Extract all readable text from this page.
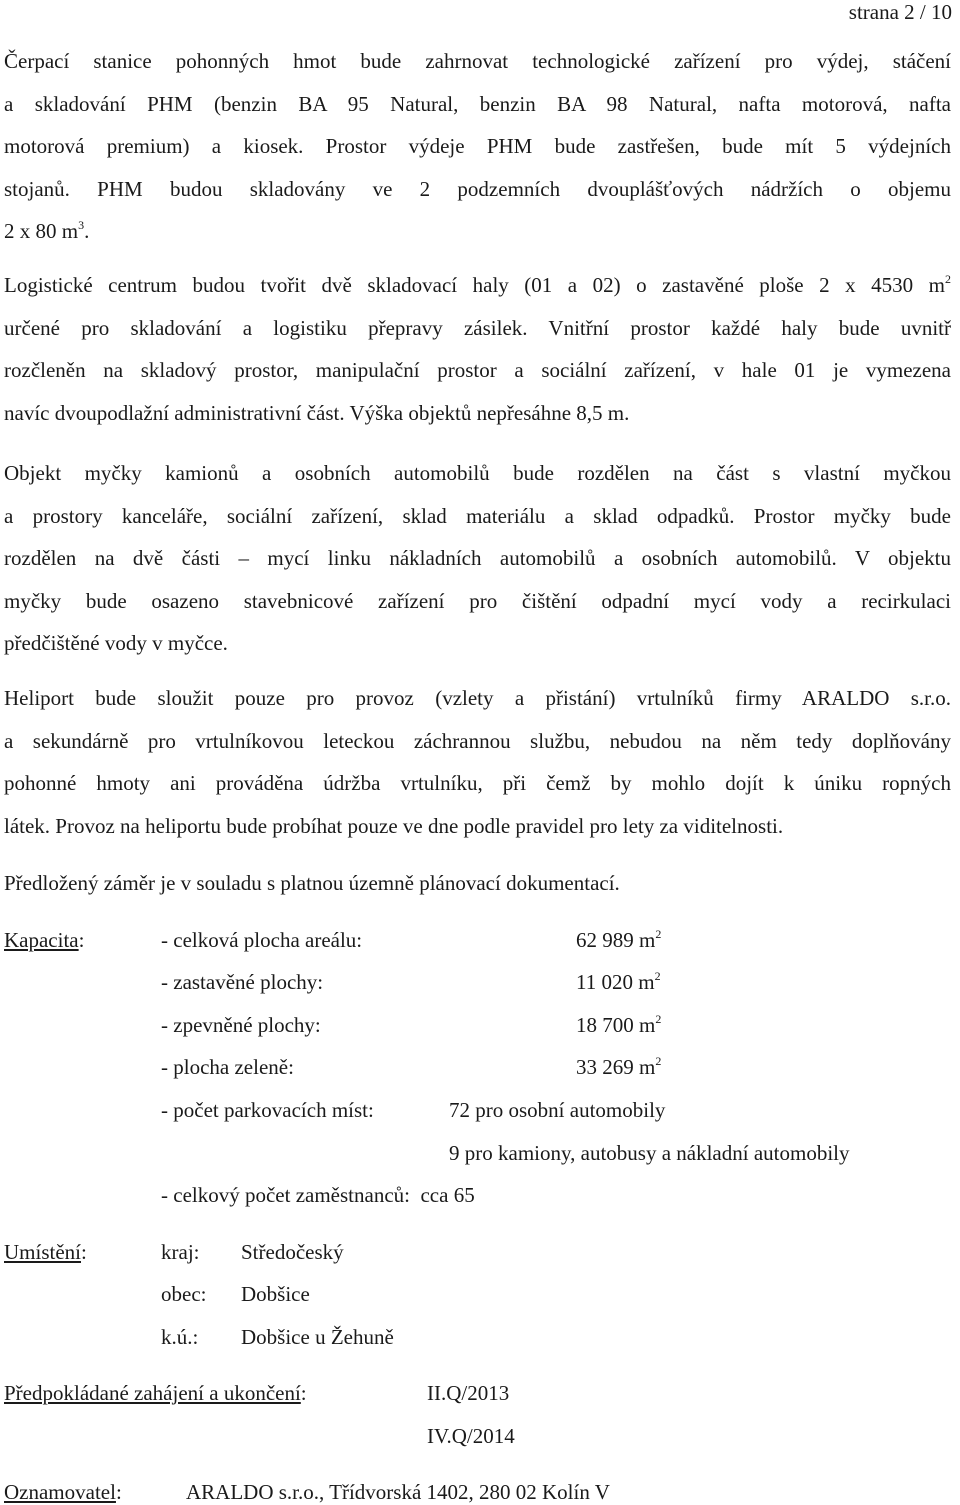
strana 2 / 10
Čerpací stanice pohonných hmot bude zahrnovat technologické zařízení pro výdej, stáčení
a skladování PHM (benzin BA 95 Natural, benzin BA 98 Natural, nafta motorová, nafta
motorová premium) a kiosek. Prostor výdeje PHM bude zastřešen, bude mít 5 výdejních
stojanů. PHM budou skladovány ve 2 podzemních dvouplášťových nádržích o objemu
2 x 80 $m^3$.
Logistické centrum budou tvořit dvě skladovací haly (01 a 02) o zastavěné ploše 2 x 4530 $m^2$
určené pro skladování a logistiku přepravy zásilek. Vnitřní prostor každé haly bude uvnitř
rozčleněn na skladový prostor, manipulační prostor a sociální zařízení, v hale 01 je vymezena
navíc dvoupodlažní administrativní část. Výška objektů nepřesáhne 8,5 m.
Objekt myčky kamionů a osobních automobilů bude rozdělen na část s vlastní myčkou
a prostory kanceláře, sociální zařízení, sklad materiálu a sklad odpadků. Prostor myčky bude
rozdělen na dvě části – mycí linku nákladních automobilů a osobních automobilů. V objektu
myčky bude osazeno stavebnicové zařízení pro čištění odpadní mycí vody a recirkulaci
předčištěné vody v myčce.
Heliport bude sloužit pouze pro provoz (vzlety a přistání) vrtulníků firmy ARALDO s.r.o.
a sekundárně pro vrtulníkovou leteckou záchrannou službu, nebudou na něm tedy doplňovány
pohonné hmoty ani prováděna údržba vrtulníku, při čemž by mohlo dojít k úniku ropných
látek. Provoz na heliportu bude probíhat pouze ve dne podle pravidel pro lety za viditelnosti.
Předložený záměr je v souladu s platnou územně plánovací dokumentací.
Kapacita:	- celková plocha areálu:	62 989 $m^2$
- zastavěné plochy:	11 020 $m^2$
- zpevněné plochy:	18 700 $m^2$
- plocha zeleně:	33 269 $m^2$
- počet parkovacích míst:	72 pro osobní automobily
9 pro kamiony, autobusy a nákladní automobily
- celkový počet zaměstnanců: cca 65
Umístění:	kraj: Středočeský
obec: Dobšice
k.ú.: Dobšice u Žehuně
Předpokládané zahájení a ukončení:	II.Q/2013
IV.Q/2014
Oznamovatel:	ARALDO s.r.o., Třídvorská 1402, 280 02 Kolín V
